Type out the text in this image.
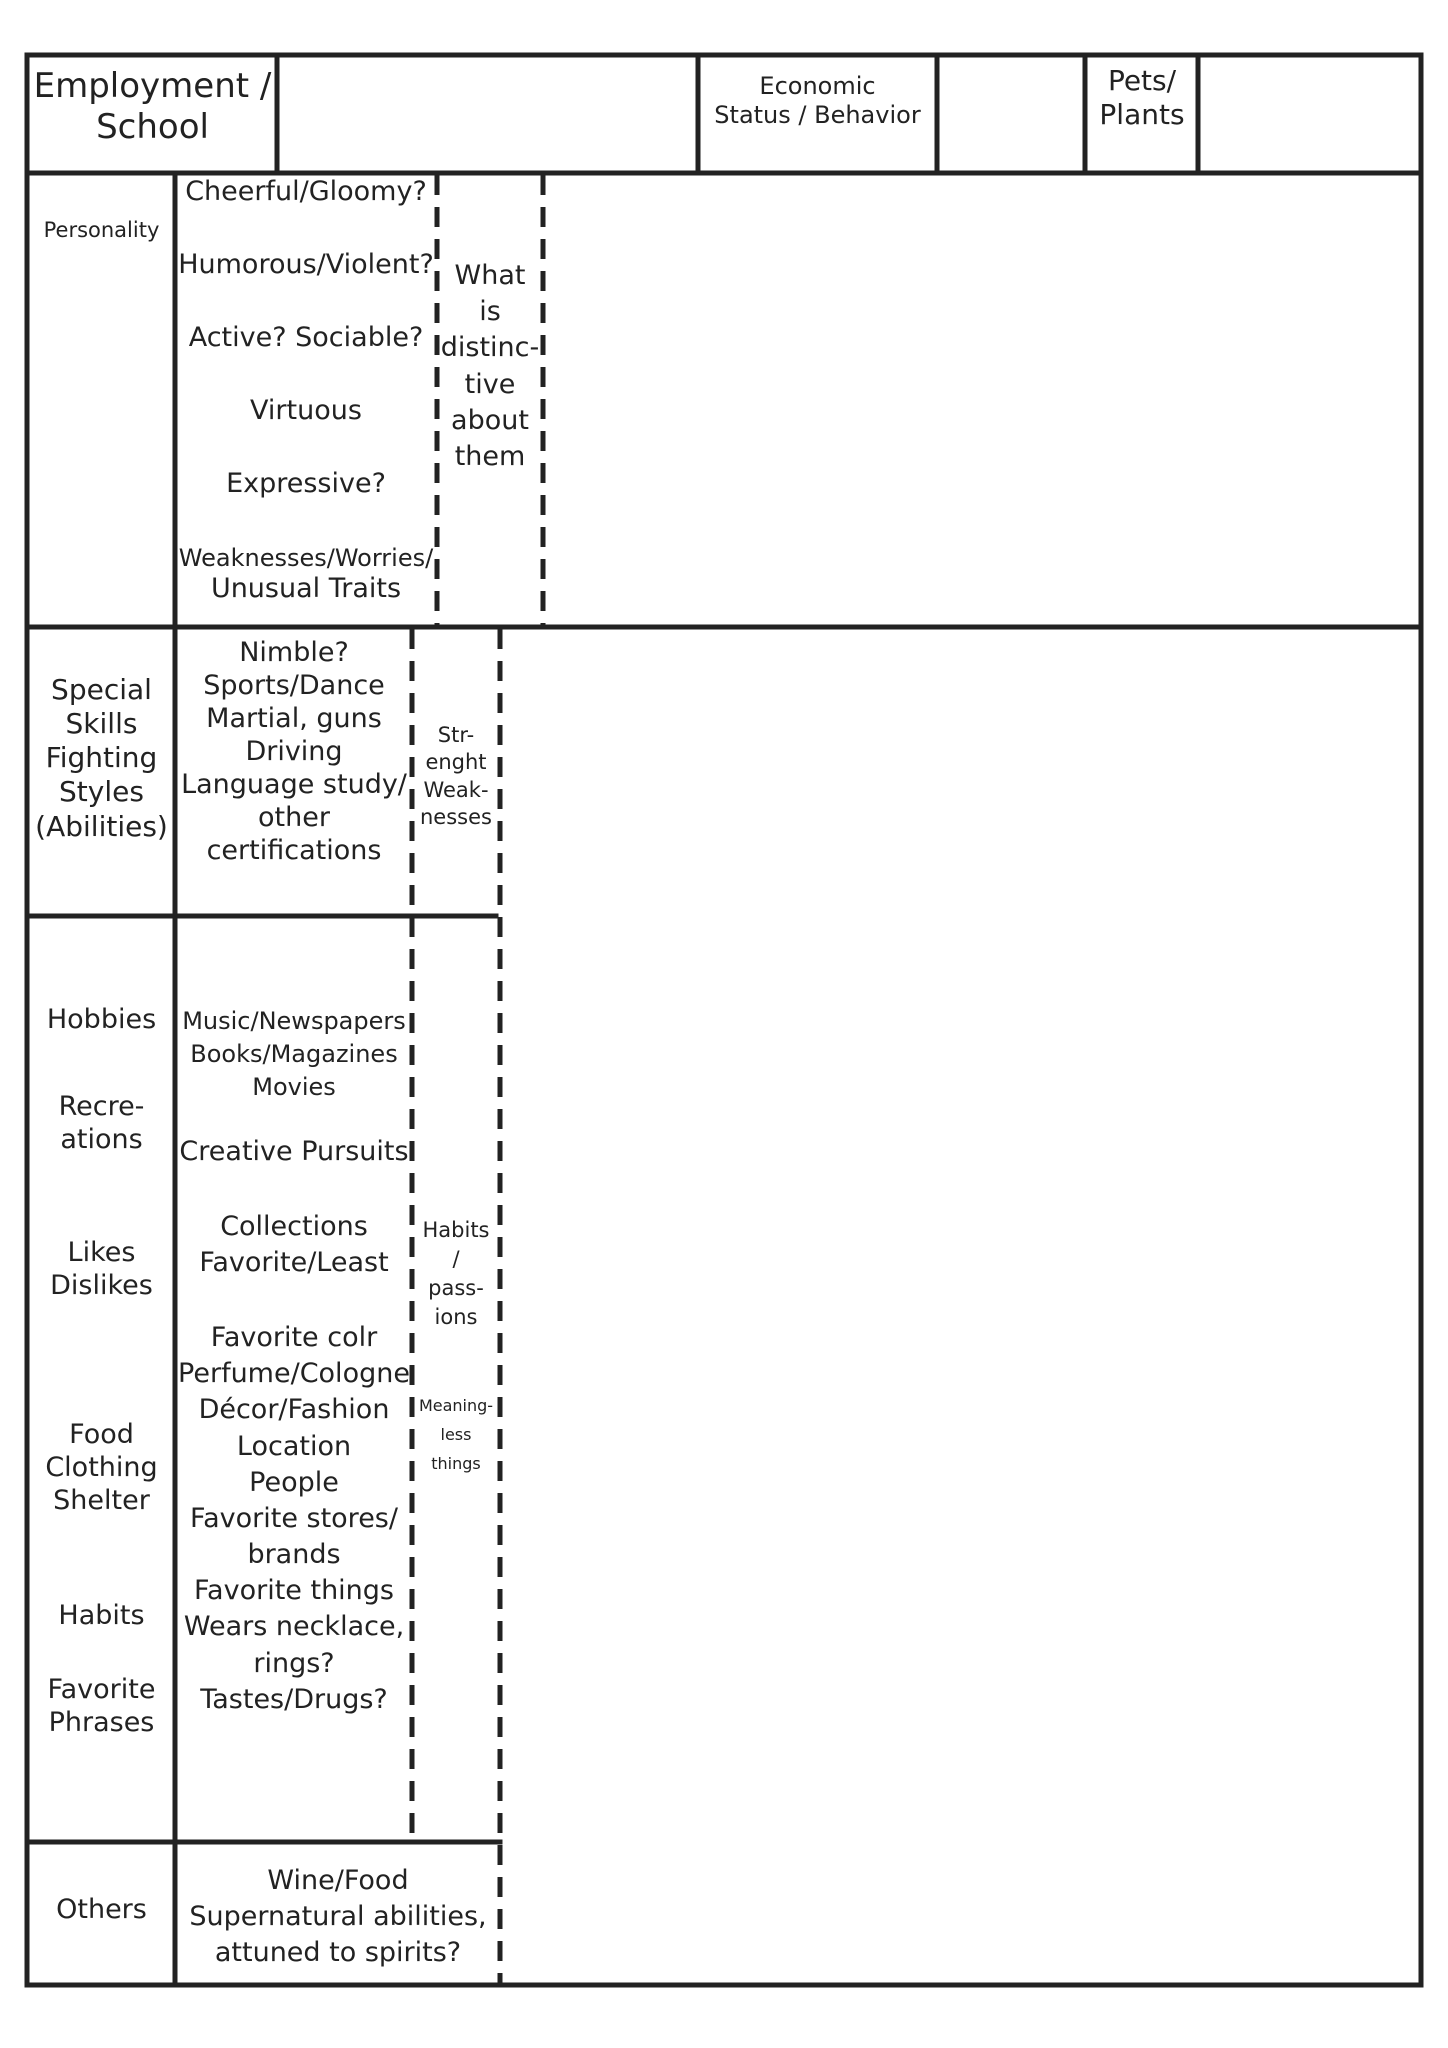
Employment /
School
Economic
Status / Behavior
Pets/
Plants
Personality
Cheerful/Gloomy?
Humorous/Violent?
Active? Sociable?
Virtuous
Expressive?
Weaknesses/Worries/
Unusual Traits
What
is
distinc-
tive
about
them
Special
Skills
Fighting
Styles
(Abilities)
Nimble?
Sports/Dance
Martial, guns
Driving
Language study/
other
certifications
Str-
enght
Weak-
nesses
Hobbies
Recre-
ations
Likes
Dislikes
Food
Clothing
Shelter
Habits
Favorite
Phrases
Music/Newspapers
Books/Magazines
Movies
Creative Pursuits
Collections
Favorite/Least
Favorite colr
Perfume/Cologne
Décor/Fashion
Location
People
Favorite stores/
brands
Favorite things
Wears necklace,
rings?
Tastes/Drugs?
Habits
/
pass-
ions
Meaning-
less
things
Others
Wine/Food
Supernatural abilities,
attuned to spirits?
